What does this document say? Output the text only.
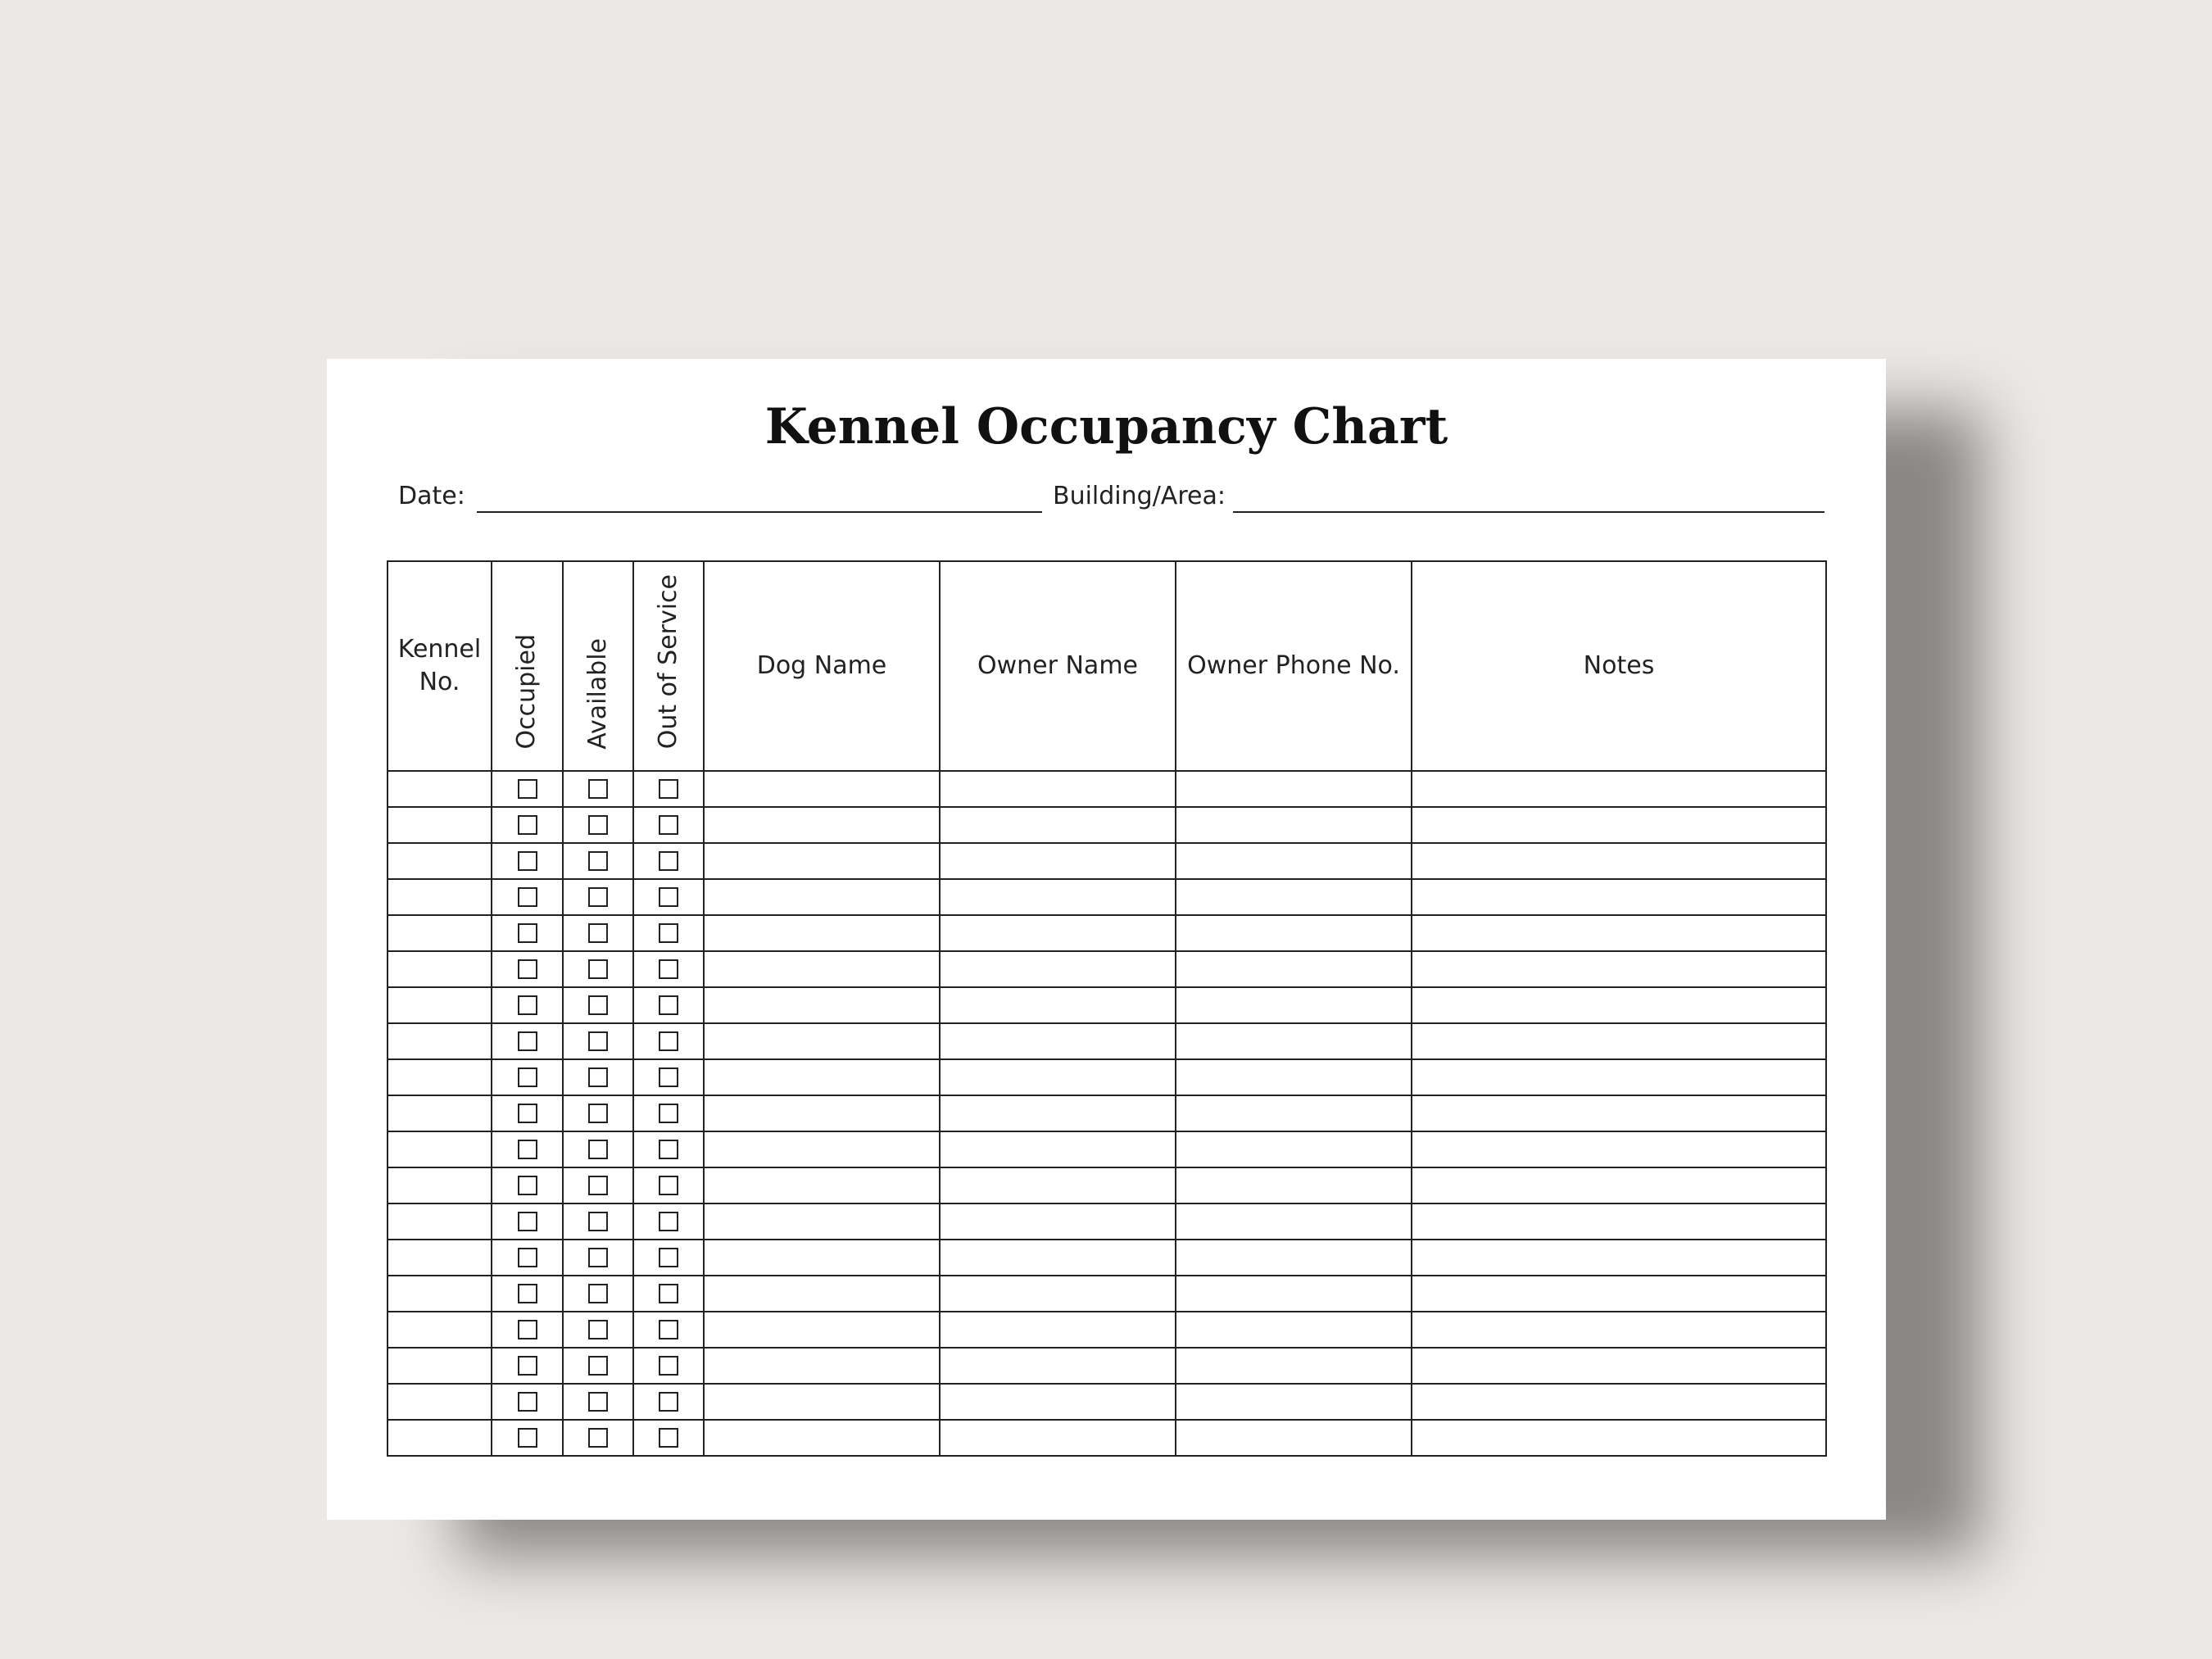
Kennel Occupancy Chart
Date:	Building/Area:
Kennel
No.	Occupied	Available	Out of Service	Dog Name	Owner Name	Owner Phone No.	Notes
